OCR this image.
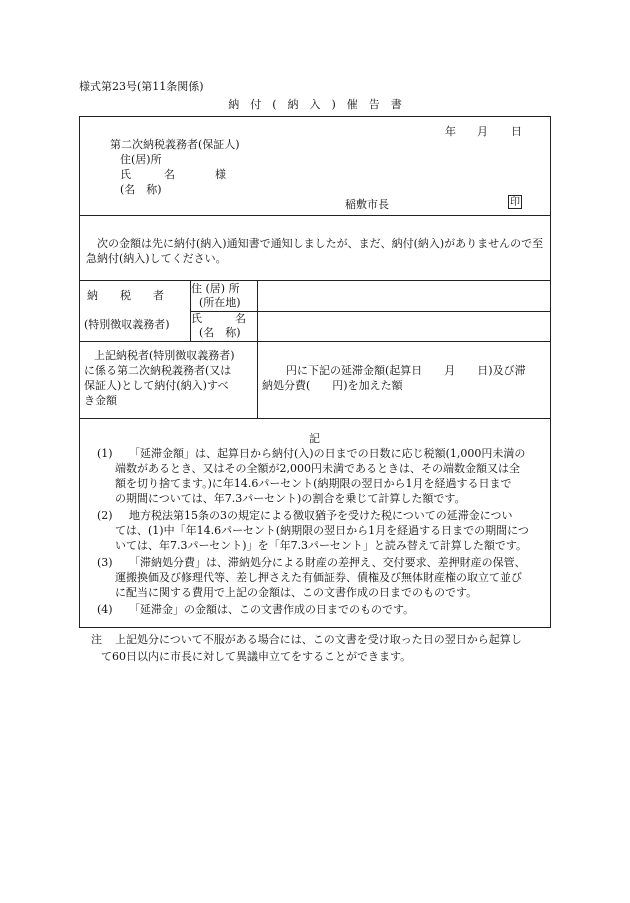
様式第23号(第11条関係)
納　付　(　納　入　)　催　告　書
年 月 日
第二次納税義務者(保証人)
住(居)所
氏　　　名	様
(名　称)
稲敷市長	印
次の金額は先に納付(納入)通知書で通知しましたが、まだ、納付(納入)がありませんので至急納付(納入)してください。
納　　税　　者
(特別徴収義務者)
住 (居) 所
(所在地)
氏　　　名
(名　称)
上記納税者(特別徴収義務者)
に係る第二次納税義務者(又は
保証人)として納付(納入)すべ
き金額
円に下記の延滞金額(起算日　　月　　日)及び滞
納処分費(　　円)を加えた額
記
(1) 「延滞金額」は、起算日から納付(入)の日までの日数に応じ税額(1,000円未満の
端数があるとき、又はその全額が2,000円未満であるときは、その端数金額又は全
額を切り捨てます。)に年14.6パーセント(納期限の翌日から1月を経過する日まで
の期間については、年7.3パーセント)の割合を乗じて計算した額です。
(2) 地方税法第15条の3の規定による徴収猶予を受けた税についての延滞金につい
ては、(1)中「年14.6パーセント(納期限の翌日から1月を経過する日までの期間につ
いては、年7.3パーセント)」を「年7.3パーセント」と読み替えて計算した額です。
(3) 「滞納処分費」は、滞納処分による財産の差押え、交付要求、差押財産の保管、
運搬換価及び修理代等、差し押さえた有価証券、債権及び無体財産権の取立て並び
に配当に関する費用で上記の金額は、この文書作成の日までのものです。
(4) 「延滞金」の金額は、この文書作成の日までのものです。
注 上記処分について不服がある場合には、この文書を受け取った日の翌日から起算し
て60日以内に市長に対して異議申立てをすることができます。
